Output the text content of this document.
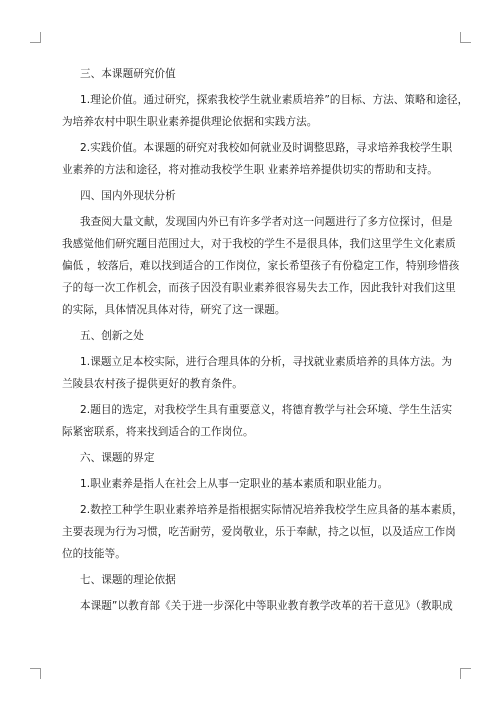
三、本课题研究价值

1.理论价值。通过研究，探索我校学生就业素质培养”的目标、方法、策略和途径，

为培养农村中职生职业素养提供理论依据和实践方法。

2.实践价值。本课题的研究对我校如何就业及时调整思路，寻求培养我校学生职

业素养的方法和途径，将对推动我校学生职 业素养培养提供切实的帮助和支持。

四、国内外现状分析

我查阅大量文献，发现国内外已有许多学者对这一问题进行了多方位探讨，但是

我感觉他们研究题目范围过大，对于我校的学生不是很具体，我们这里学生文化素质

偏低 ，较落后，难以找到适合的工作岗位，家长希望孩子有份稳定工作，特别珍惜孩

子的每一次工作机会，而孩子因没有职业素养很容易失去工作，因此我针对我们这里

的实际，具体情况具体对待，研究了这一课题。

五、创新之处

1.课题立足本校实际，进行合理具体的分析，寻找就业素质培养的具体方法。为

兰陵县农村孩子提供更好的教育条件。

2.题目的选定，对我校学生具有重要意义，将德育教学与社会环境、学生生活实

际紧密联系，将来找到适合的工作岗位。

六、课题的界定

1.职业素养是指人在社会上从事一定职业的基本素质和职业能力。

2.数控工种学生职业素养培养是指根据实际情况培养我校学生应具备的基本素质，

主要表现为行为习惯，吃苦耐劳，爱岗敬业，乐于奉献，持之以恒，以及适应工作岗

位的技能等。

七、课题的理论依据

本课题”以教育部《关于进一步深化中等职业教育教学改革的若干意见》（教职成
